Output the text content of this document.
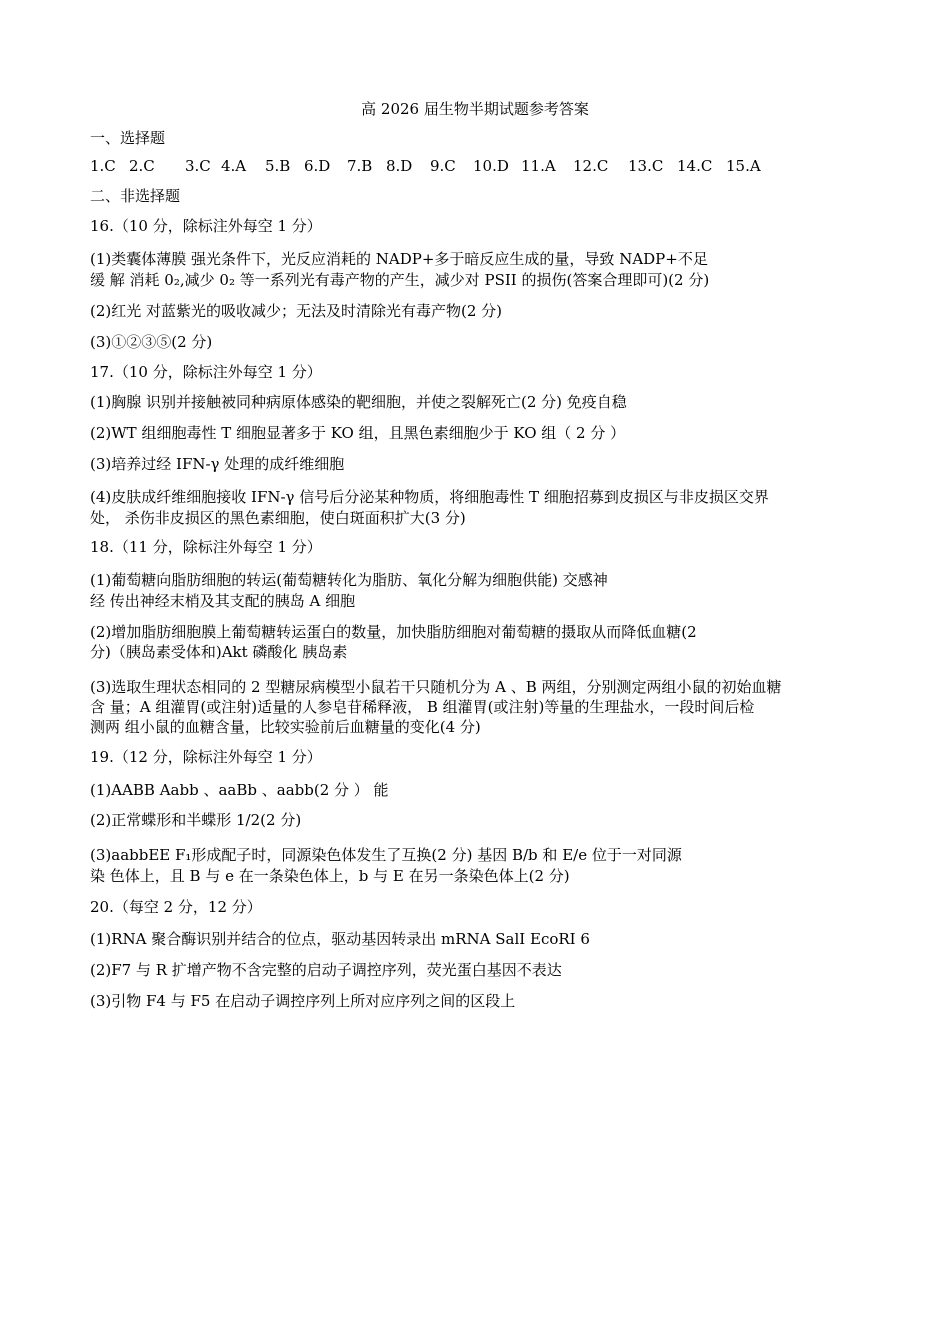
高 2026 届生物半期试题参考答案
一、选择题
1.C 2.C 3.C 4.A 5.B 6.D 7.B 8.D 9.C 10.D 11.A 12.C 13.C 14.C 15.A
二、非选择题
16.（10 分，除标注外每空 1 分）
(1)类囊体薄膜 强光条件下，光反应消耗的 NADP+多于暗反应生成的量，导致 NADP+不足
缓 解 消耗 0₂,减少 0₂ 等一系列光有毒产物的产生，减少对 PSII 的损伤(答案合理即可)(2 分)
(2)红光 对蓝紫光的吸收减少；无法及时清除光有毒产物(2 分)
(3)①②③⑤(2 分)
17.（10 分，除标注外每空 1 分）
(1)胸腺 识别并接触被同种病原体感染的靶细胞，并使之裂解死亡(2 分) 免疫自稳
(2)WT 组细胞毒性 T 细胞显著多于 KO 组，且黑色素细胞少于 KO 组（ 2 分 ）
(3)培养过经 IFN-γ 处理的成纤维细胞
(4)皮肤成纤维细胞接收 IFN-γ 信号后分泌某种物质，将细胞毒性 T 细胞招募到皮损区与非皮损区交界
处， 杀伤非皮损区的黑色素细胞，使白斑面积扩大(3 分)
18.（11 分，除标注外每空 1 分）
(1)葡萄糖向脂肪细胞的转运(葡萄糖转化为脂肪、氧化分解为细胞供能) 交感神
经 传出神经末梢及其支配的胰岛 A 细胞
(2)增加脂肪细胞膜上葡萄糖转运蛋白的数量，加快脂肪细胞对葡萄糖的摄取从而降低血糖(2
分)（胰岛素受体和)Akt 磷酸化 胰岛素
(3)选取生理状态相同的 2 型糖尿病模型小鼠若干只随机分为 A 、B 两组，分别测定两组小鼠的初始血糖
含 量；A 组灌胃(或注射)适量的人参皂苷稀释液， B 组灌胃(或注射)等量的生理盐水，一段时间后检
测两 组小鼠的血糖含量，比较实验前后血糖量的变化(4 分)
19.（12 分，除标注外每空 1 分）
(1)AABB Aabb 、aaBb 、aabb(2 分 ） 能
(2)正常蝶形和半蝶形 1/2(2 分)
(3)aabbEE F₁形成配子时，同源染色体发生了互换(2 分) 基因 B/b 和 E/e 位于一对同源
染 色体上，且 B 与 e 在一条染色体上，b 与 E 在另一条染色体上(2 分)
20.（每空 2 分，12 分）
(1)RNA 聚合酶识别并结合的位点，驱动基因转录出 mRNA SalI EcoRI 6
(2)F7 与 R 扩增产物不含完整的启动子调控序列，荧光蛋白基因不表达
(3)引物 F4 与 F5 在启动子调控序列上所对应序列之间的区段上
